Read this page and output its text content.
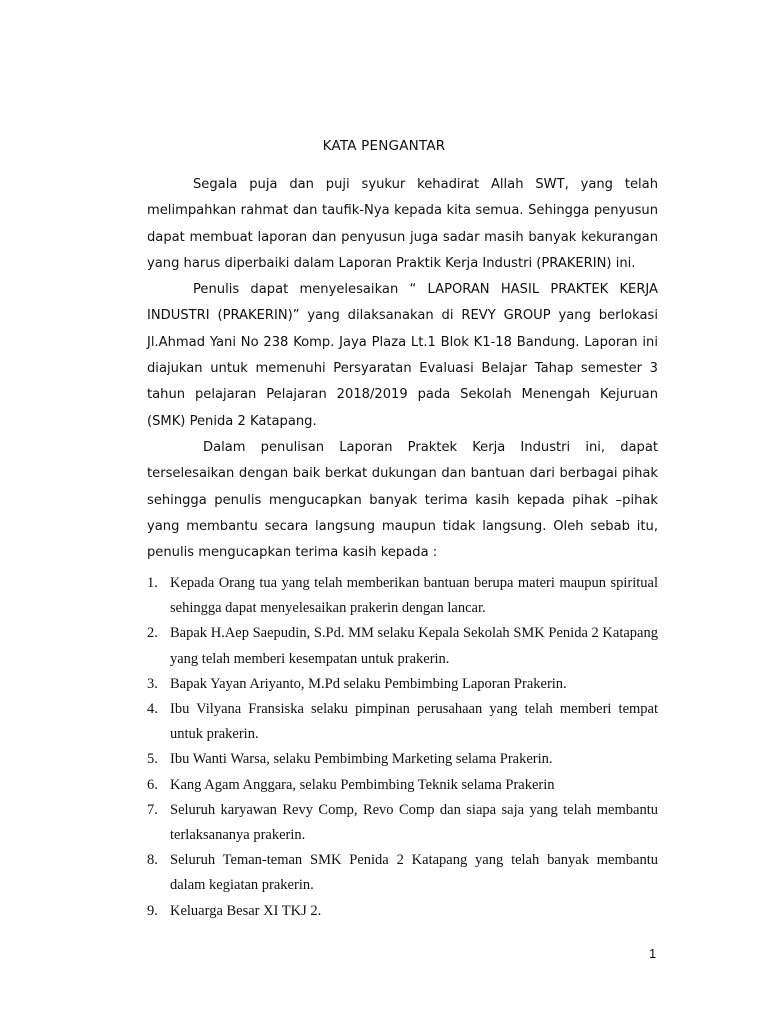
KATA PENGANTAR

Segala puja dan puji syukur kehadirat Allah SWT, yang telah melimpahkan rahmat dan taufik-Nya kepada kita semua. Sehingga penyusun dapat membuat laporan dan penyusun juga sadar masih banyak kekurangan yang harus diperbaiki dalam Laporan Praktik Kerja Industri (PRAKERIN) ini.

Penulis dapat menyelesaikan “ LAPORAN HASIL PRAKTEK KERJA INDUSTRI (PRAKERIN)” yang dilaksanakan di REVY GROUP yang berlokasi Jl.Ahmad Yani No 238 Komp. Jaya Plaza Lt.1 Blok K1-18 Bandung. Laporan ini diajukan untuk memenuhi Persyaratan Evaluasi Belajar Tahap semester 3 tahun pelajaran Pelajaran 2018/2019 pada Sekolah Menengah Kejuruan (SMK) Penida 2 Katapang.

Dalam penulisan Laporan Praktek Kerja Industri ini, dapat terselesaikan dengan baik berkat dukungan dan bantuan dari berbagai pihak sehingga penulis mengucapkan banyak terima kasih kepada pihak –pihak yang membantu secara langsung maupun tidak langsung. Oleh sebab itu, penulis mengucapkan terima kasih kepada :

1. Kepada Orang tua yang telah memberikan bantuan berupa materi maupun spiritual sehingga dapat menyelesaikan prakerin dengan lancar.
2. Bapak H.Aep Saepudin, S.Pd. MM selaku Kepala Sekolah SMK Penida 2 Katapang yang telah memberi kesempatan untuk prakerin.
3. Bapak Yayan Ariyanto, M.Pd selaku Pembimbing Laporan Prakerin.
4. Ibu Vilyana Fransiska selaku pimpinan perusahaan yang telah memberi tempat untuk prakerin.
5. Ibu Wanti Warsa, selaku Pembimbing Marketing selama Prakerin.
6. Kang Agam Anggara, selaku Pembimbing Teknik selama Prakerin
7. Seluruh karyawan Revy Comp, Revo Comp dan siapa saja yang telah membantu terlaksananya prakerin.
8. Seluruh Teman-teman SMK Penida 2 Katapang yang telah banyak membantu dalam kegiatan prakerin.
9. Keluarga Besar XI TKJ 2.
1
